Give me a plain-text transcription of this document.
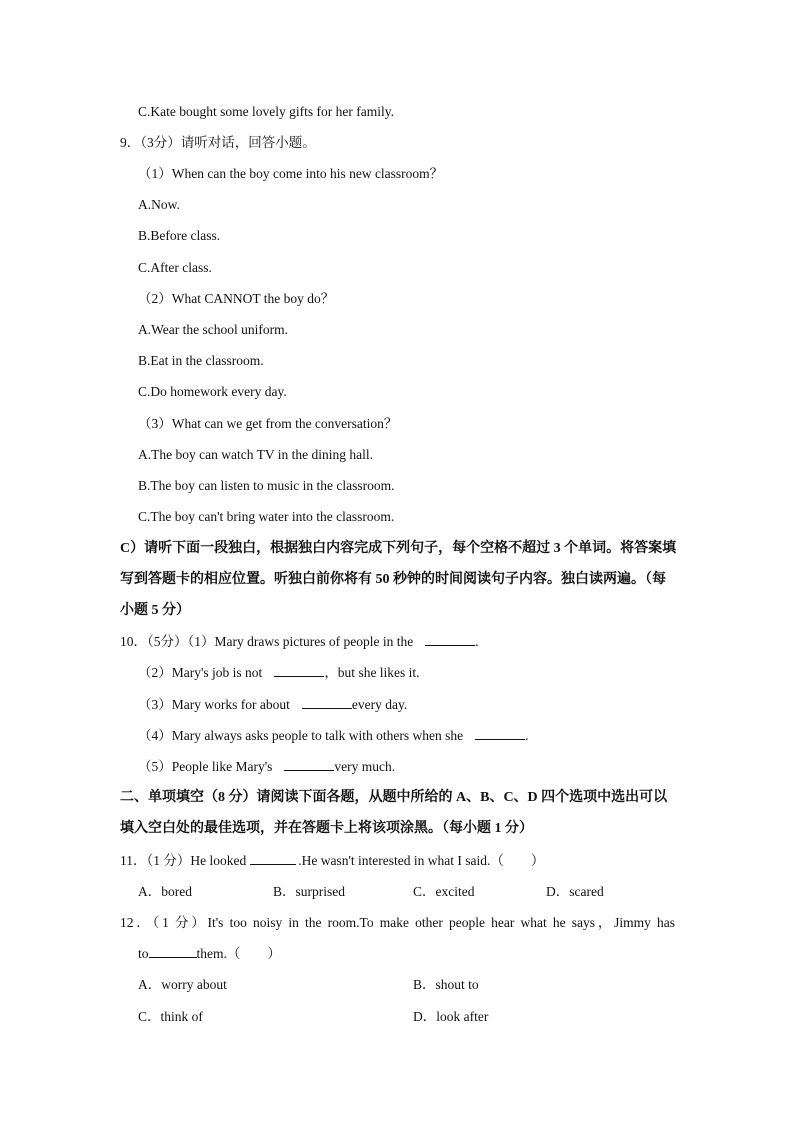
C.Kate bought some lovely gifts for her family.
9．（3分）请听对话，回答小题。
（1）When can the boy come into his new classroom？
A.Now.
B.Before class.
C.After class.
（2）What CANNOT the boy do？
A.Wear the school uniform.
B.Eat in the classroom.
C.Do homework every day.
（3）What can we get from the conversation？
A.The boy can watch TV in the dining hall.
B.The boy can listen to music in the classroom.
C.The boy can't bring water into the classroom.
C）请听下面一段独白，根据独白内容完成下列句子，每个空格不超过 3 个单词。将答案填
写到答题卡的相应位置。听独白前你将有 50 秒钟的时间阅读句子内容。独白读两遍。（每
小题 5 分）
10．（5分）（1）Mary draws pictures of people in the	.
（2）Mary's job is not	，but she likes it.
（3）Mary works for about	every day.
（4）Mary always asks people to talk with others when she	.
（5）People like Mary's	very much.
二、单项填空（8 分）请阅读下面各题，从题中所给的 A、B、C、D 四个选项中选出可以
填入空白处的最佳选项，并在答题卡上将该项涂黑。（每小题 1 分）
11．（1 分）He looked	.He wasn't interested in what I said.（　　）
A．bored	B．surprised	C．excited	D．scared
12．（1 分）It's too noisy in the room.To make other people hear what he says，Jimmy has
to	them.（　　）
A．worry about	B．shout to
C．think of	D．look after
